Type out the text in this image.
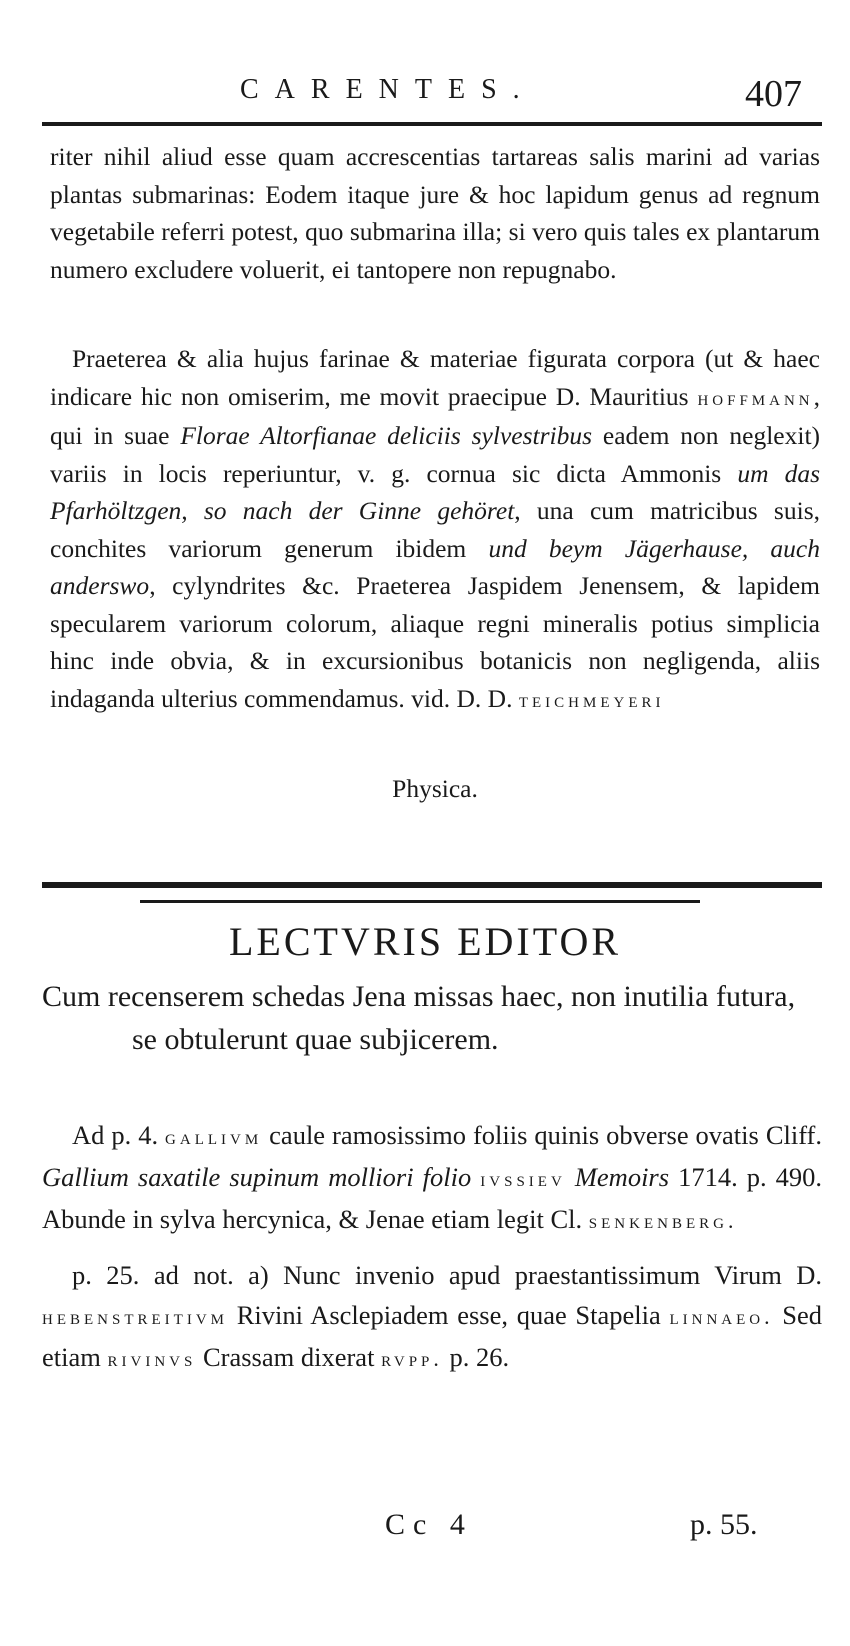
CARENTES.	407
riter nihil aliud esse quam accrescentias tartareas salis marini ad varias plantas submarinas: Eodem itaque jure & hoc lapidum genus ad regnum vegetabile referri potest, quo submarina illa; si vero quis tales ex plantarum numero excludere voluerit, ei tantopere non repugnabo.
Praeterea & alia hujus farinae & materiae figurata corpora (ut & haec indicare hic non omiserim, me movit praecipue D. Mauritius hoffmann, qui in suae Florae Altorfianae deliciis sylvestribus eadem non neglexit) variis in locis reperiuntur, v. g. cornua sic dicta Ammonis um das Pfarhöltzgen, so nach der Ginne gehöret, una cum matricibus suis, conchites variorum generum ibidem und beym Jägerhause, auch anderswo, cylyndrites &c. Praeterea Jaspidem Jenensem, & lapidem specularem variorum colorum, aliaque regni mineralis potius simplicia hinc inde obvia, & in excursionibus botanicis non negligenda, aliis indaganda ulterius commendamus. vid. D. D. teichmeyeri
Physica.
LECTVRIS EDITOR

Cum recenserem schedas Jena missas haec, non inutilia futura, se obtulerunt quae subjicerem.

Ad p. 4. gallivm caule ramosissimo foliis quinis obverse ovatis Cliff. Gallium saxatile supinum molliori folio ivssiev Memoirs 1714. p. 490. Abunde in sylva hercynica, & Jenae etiam legit Cl. senkenberg.

p. 25. ad not. a) Nunc invenio apud praestantissimum Virum D. hebenstreitivm Rivini Asclepiadem esse, quae Stapelia linnaeo. Sed etiam rivinvs Crassam dixerat rvpp. p. 26.

Cc 4	p. 55.
